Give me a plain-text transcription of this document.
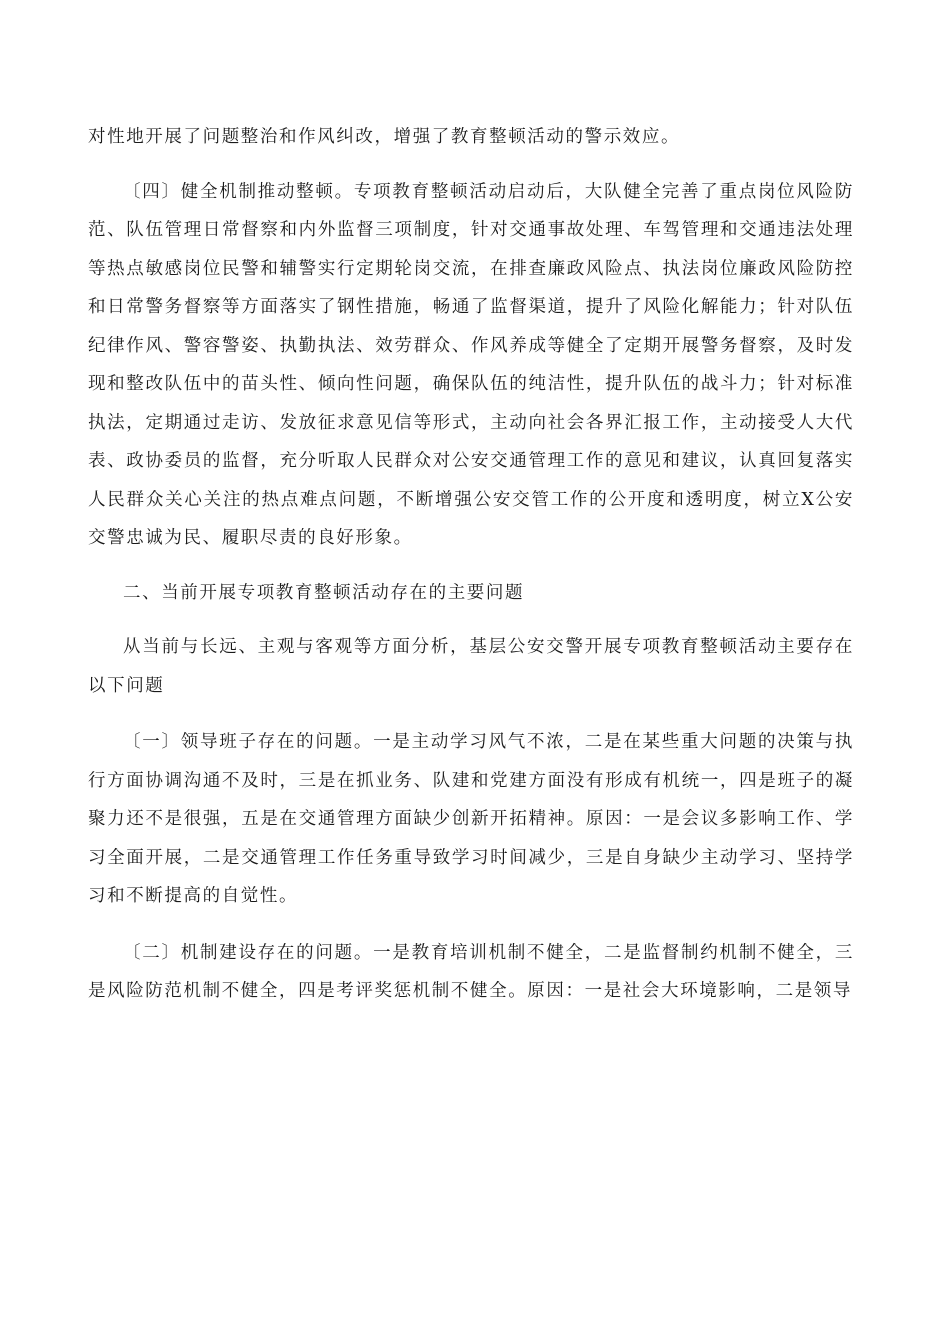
对性地开展了问题整治和作风纠改，增强了教育整顿活动的警示效应。

〔四〕健全机制推动整顿。专项教育整顿活动启动后，大队健全完善了重点岗位风险防范、队伍管理日常督察和内外监督三项制度，针对交通事故处理、车驾管理和交通违法处理等热点敏感岗位民警和辅警实行定期轮岗交流，在排查廉政风险点、执法岗位廉政风险防控和日常警务督察等方面落实了钢性措施，畅通了监督渠道，提升了风险化解能力；针对队伍纪律作风、警容警姿、执勤执法、效劳群众、作风养成等健全了定期开展警务督察，及时发现和整改队伍中的苗头性、倾向性问题，确保队伍的纯洁性，提升队伍的战斗力；针对标准执法，定期通过走访、发放征求意见信等形式，主动向社会各界汇报工作，主动接受人大代表、政协委员的监督，充分听取人民群众对公安交通管理工作的意见和建议，认真回复落实人民群众关心关注的热点难点问题，不断增强公安交管工作的公开度和透明度，树立X公安交警忠诚为民、履职尽责的良好形象。

二、当前开展专项教育整顿活动存在的主要问题

从当前与长远、主观与客观等方面分析，基层公安交警开展专项教育整顿活动主要存在以下问题

〔一〕领导班子存在的问题。一是主动学习风气不浓，二是在某些重大问题的决策与执行方面协调沟通不及时，三是在抓业务、队建和党建方面没有形成有机统一，四是班子的凝聚力还不是很强，五是在交通管理方面缺少创新开拓精神。原因：一是会议多影响工作、学习全面开展，二是交通管理工作任务重导致学习时间减少，三是自身缺少主动学习、坚持学习和不断提高的自觉性。

〔二〕机制建设存在的问题。一是教育培训机制不健全，二是监督制约机制不健全，三是风险防范机制不健全，四是考评奖惩机制不健全。原因：一是社会大环境影响，二是领导
